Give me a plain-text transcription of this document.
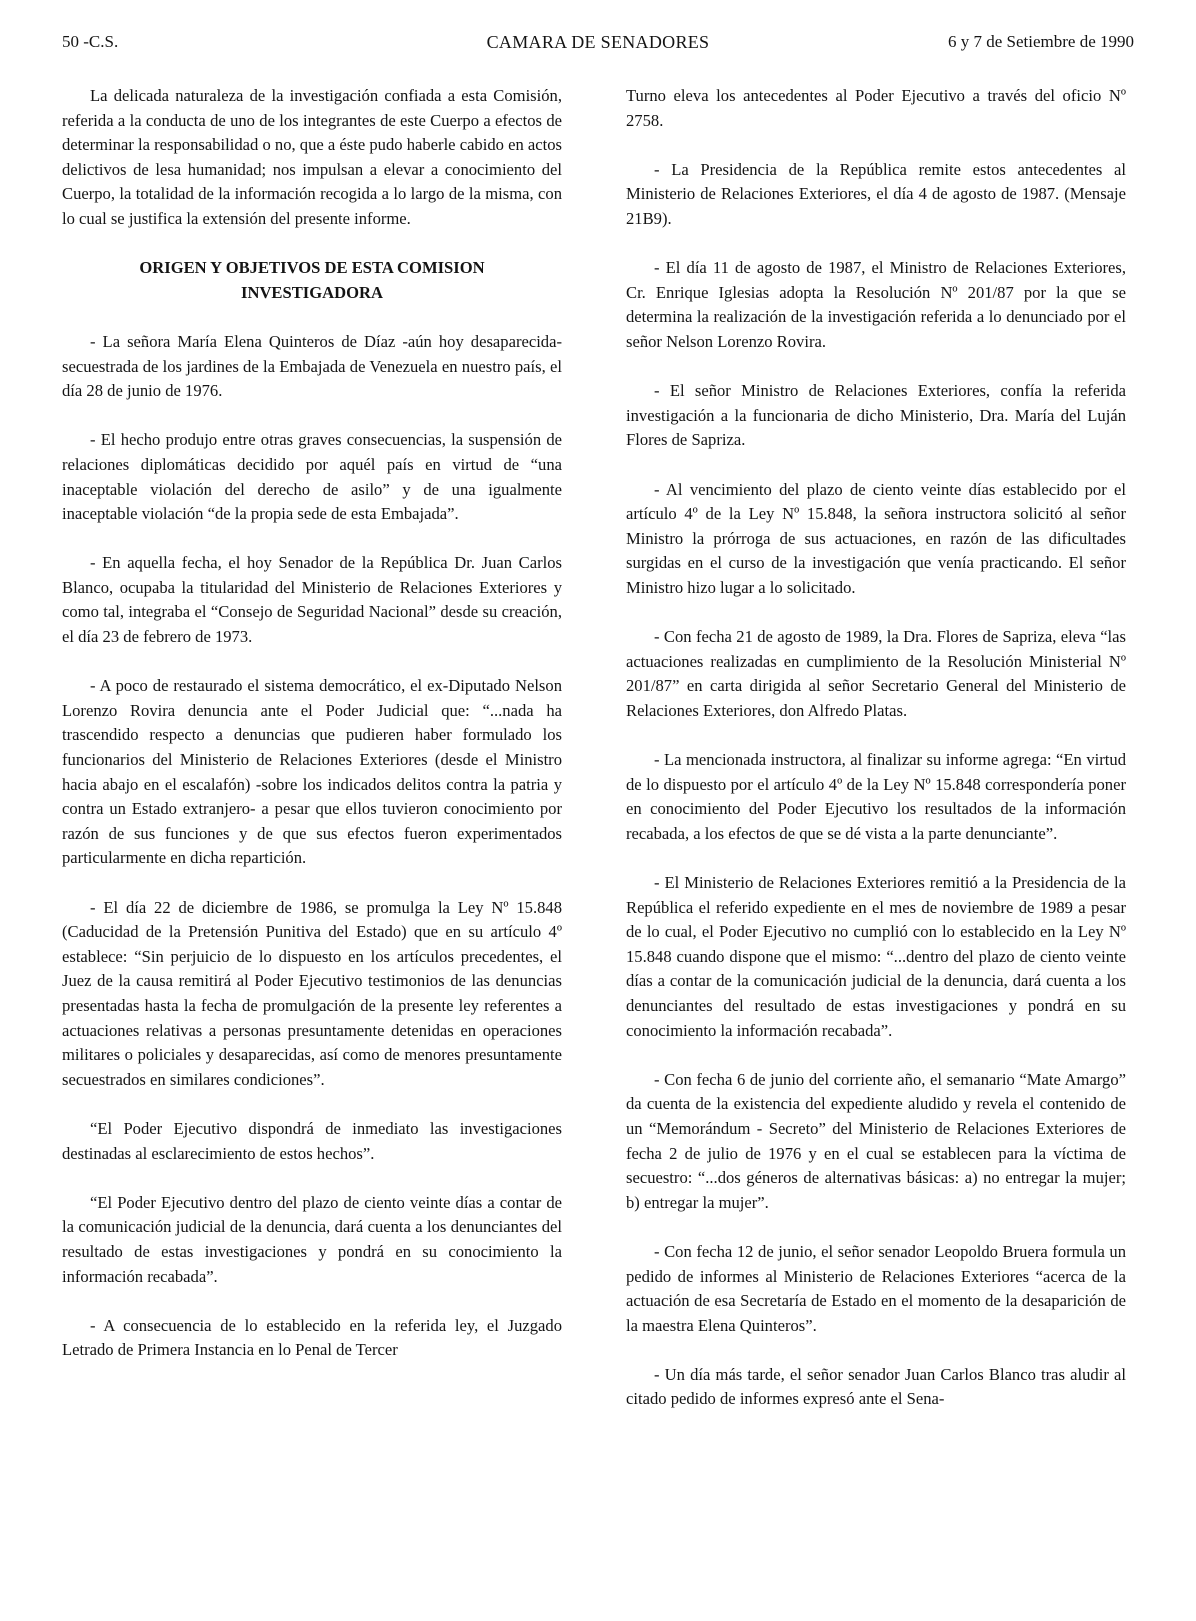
50 -C.S.	CAMARA DE SENADORES	6 y 7 de Setiembre de 1990

La delicada naturaleza de la investigación confiada a esta Comisión, referida a la conducta de uno de los integrantes de este Cuerpo a efectos de determinar la responsabilidad o no, que a éste pudo haberle cabido en actos delictivos de lesa humanidad; nos impulsan a elevar a conocimiento del Cuerpo, la totalidad de la información recogida a lo largo de la misma, con lo cual se justifica la extensión del presente informe.

ORIGEN Y OBJETIVOS DE ESTA COMISION
INVESTIGADORA

- La señora María Elena Quinteros de Díaz -aún hoy desaparecida- secuestrada de los jardines de la Embajada de Venezuela en nuestro país, el día 28 de junio de 1976.

- El hecho produjo entre otras graves consecuencias, la suspensión de relaciones diplomáticas decidido por aquél país en virtud de “una inaceptable violación del derecho de asilo” y de una igualmente inaceptable violación “de la propia sede de esta Embajada”.

- En aquella fecha, el hoy Senador de la República Dr. Juan Carlos Blanco, ocupaba la titularidad del Ministerio de Relaciones Exteriores y como tal, integraba el “Consejo de Seguridad Nacional” desde su creación, el día 23 de febrero de 1973.

- A poco de restaurado el sistema democrático, el ex-Diputado Nelson Lorenzo Rovira denuncia ante el Poder Judicial que: “...nada ha trascendido respecto a denuncias que pudieren haber formulado los funcionarios del Ministerio de Relaciones Exteriores (desde el Ministro hacia abajo en el escalafón) -sobre los indicados delitos contra la patria y contra un Estado extranjero- a pesar que ellos tuvieron conocimiento por razón de sus funciones y de que sus efectos fueron experimentados particularmente en dicha repartición.

- El día 22 de diciembre de 1986, se promulga la Ley Nº 15.848 (Caducidad de la Pretensión Punitiva del Estado) que en su artículo 4º establece: “Sin perjuicio de lo dispuesto en los artículos precedentes, el Juez de la causa remitirá al Poder Ejecutivo testimonios de las denuncias presentadas hasta la fecha de promulgación de la presente ley referentes a actuaciones relativas a personas presuntamente detenidas en operaciones militares o policiales y desaparecidas, así como de menores presuntamente secuestrados en similares condiciones”.

“El Poder Ejecutivo dispondrá de inmediato las investigaciones destinadas al esclarecimiento de estos hechos”.

“El Poder Ejecutivo dentro del plazo de ciento veinte días a contar de la comunicación judicial de la denuncia, dará cuenta a los denunciantes del resultado de estas investigaciones y pondrá en su conocimiento la información recabada”.

- A consecuencia de lo establecido en la referida ley, el Juzgado Letrado de Primera Instancia en lo Penal de Tercer

Turno eleva los antecedentes al Poder Ejecutivo a través del oficio Nº 2758.

- La Presidencia de la República remite estos antecedentes al Ministerio de Relaciones Exteriores, el día 4 de agosto de 1987. (Mensaje 21B9).

- El día 11 de agosto de 1987, el Ministro de Relaciones Exteriores, Cr. Enrique Iglesias adopta la Resolución Nº 201/87 por la que se determina la realización de la investigación referida a lo denunciado por el señor Nelson Lorenzo Rovira.

- El señor Ministro de Relaciones Exteriores, confía la referida investigación a la funcionaria de dicho Ministerio, Dra. María del Luján Flores de Sapriza.

- Al vencimiento del plazo de ciento veinte días establecido por el artículo 4º de la Ley Nº 15.848, la señora instructora solicitó al señor Ministro la prórroga de sus actuaciones, en razón de las dificultades surgidas en el curso de la investigación que venía practicando. El señor Ministro hizo lugar a lo solicitado.

- Con fecha 21 de agosto de 1989, la Dra. Flores de Sapriza, eleva “las actuaciones realizadas en cumplimiento de la Resolución Ministerial Nº 201/87” en carta dirigida al señor Secretario General del Ministerio de Relaciones Exteriores, don Alfredo Platas.

- La mencionada instructora, al finalizar su informe agrega: “En virtud de lo dispuesto por el artículo 4º de la Ley Nº 15.848 correspondería poner en conocimiento del Poder Ejecutivo los resultados de la información recabada, a los efectos de que se dé vista a la parte denunciante”.

- El Ministerio de Relaciones Exteriores remitió a la Presidencia de la República el referido expediente en el mes de noviembre de 1989 a pesar de lo cual, el Poder Ejecutivo no cumplió con lo establecido en la Ley Nº 15.848 cuando dispone que el mismo: “...dentro del plazo de ciento veinte días a contar de la comunicación judicial de la denuncia, dará cuenta a los denunciantes del resultado de estas investigaciones y pondrá en su conocimiento la información recabada”.

- Con fecha 6 de junio del corriente año, el semanario “Mate Amargo” da cuenta de la existencia del expediente aludido y revela el contenido de un “Memorándum - Secreto” del Ministerio de Relaciones Exteriores de fecha 2 de julio de 1976 y en el cual se establecen para la víctima de secuestro: “...dos géneros de alternativas básicas: a) no entregar la mujer; b) entregar la mujer”.

- Con fecha 12 de junio, el señor senador Leopoldo Bruera formula un pedido de informes al Ministerio de Relaciones Exteriores “acerca de la actuación de esa Secretaría de Estado en el momento de la desaparición de la maestra Elena Quinteros”.

- Un día más tarde, el señor senador Juan Carlos Blanco tras aludir al citado pedido de informes expresó ante el Sena-
